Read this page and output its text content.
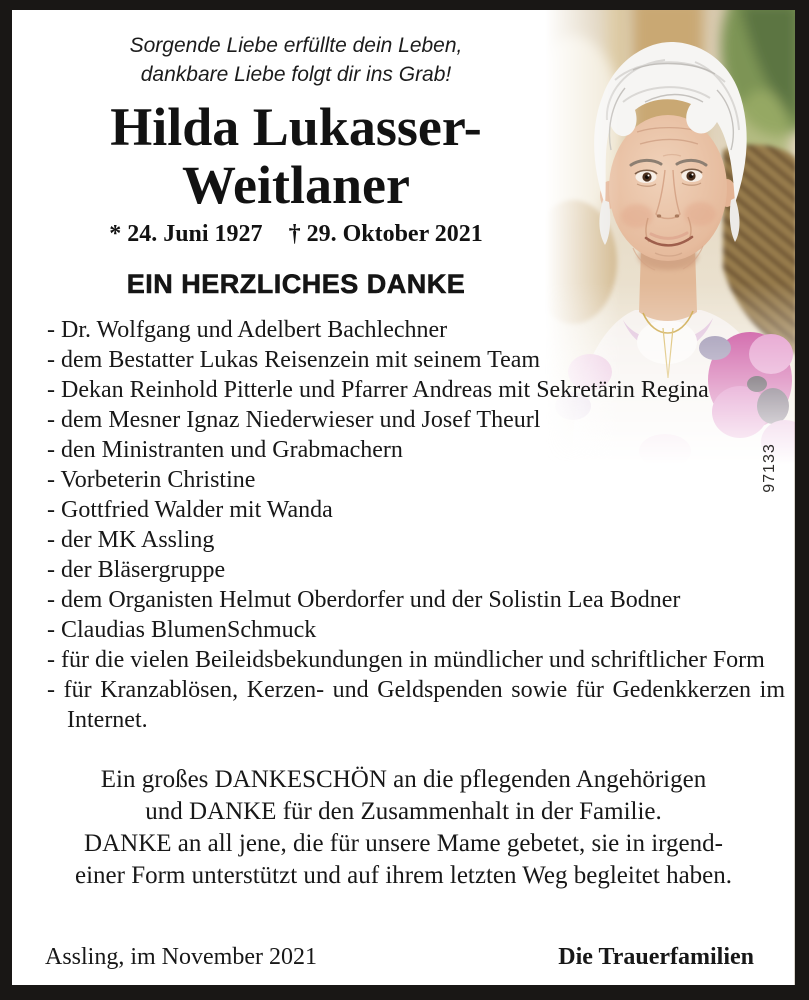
97133
Sorgende Liebe erfüllte dein Leben,
dankbare Liebe folgt dir ins Grab!
Hilda Lukasser-
Weitlaner
* 24. Juni 1927 † 29. Oktober 2021
EIN HERZLICHES DANKE
- Dr. Wolfgang und Adelbert Bachlechner
- dem Bestatter Lukas Reisenzein mit seinem Team
- Dekan Reinhold Pitterle und Pfarrer Andreas mit Sekretärin Regina
- dem Mesner Ignaz Niederwieser und Josef Theurl
- den Ministranten und Grabmachern
- Vorbeterin Christine
- Gottfried Walder mit Wanda
- der MK Assling
- der Bläsergruppe
- dem Organisten Helmut Oberdorfer und der Solistin Lea Bodner
- Claudias BlumenSchmuck
- für die vielen Beileidsbekundungen in mündlicher und schriftlicher Form
- für Kranzablösen, Kerzen- und Geldspenden sowie für Gedenkkerzen im Internet.
Ein großes DANKESCHÖN an die pflegenden Angehörigen
und DANKE für den Zusammenhalt in der Familie.
DANKE an all jene, die für unsere Mame gebetet, sie in irgend-
einer Form unterstützt und auf ihrem letzten Weg begleitet haben.
Assling, im November 2021	Die Trauerfamilien
